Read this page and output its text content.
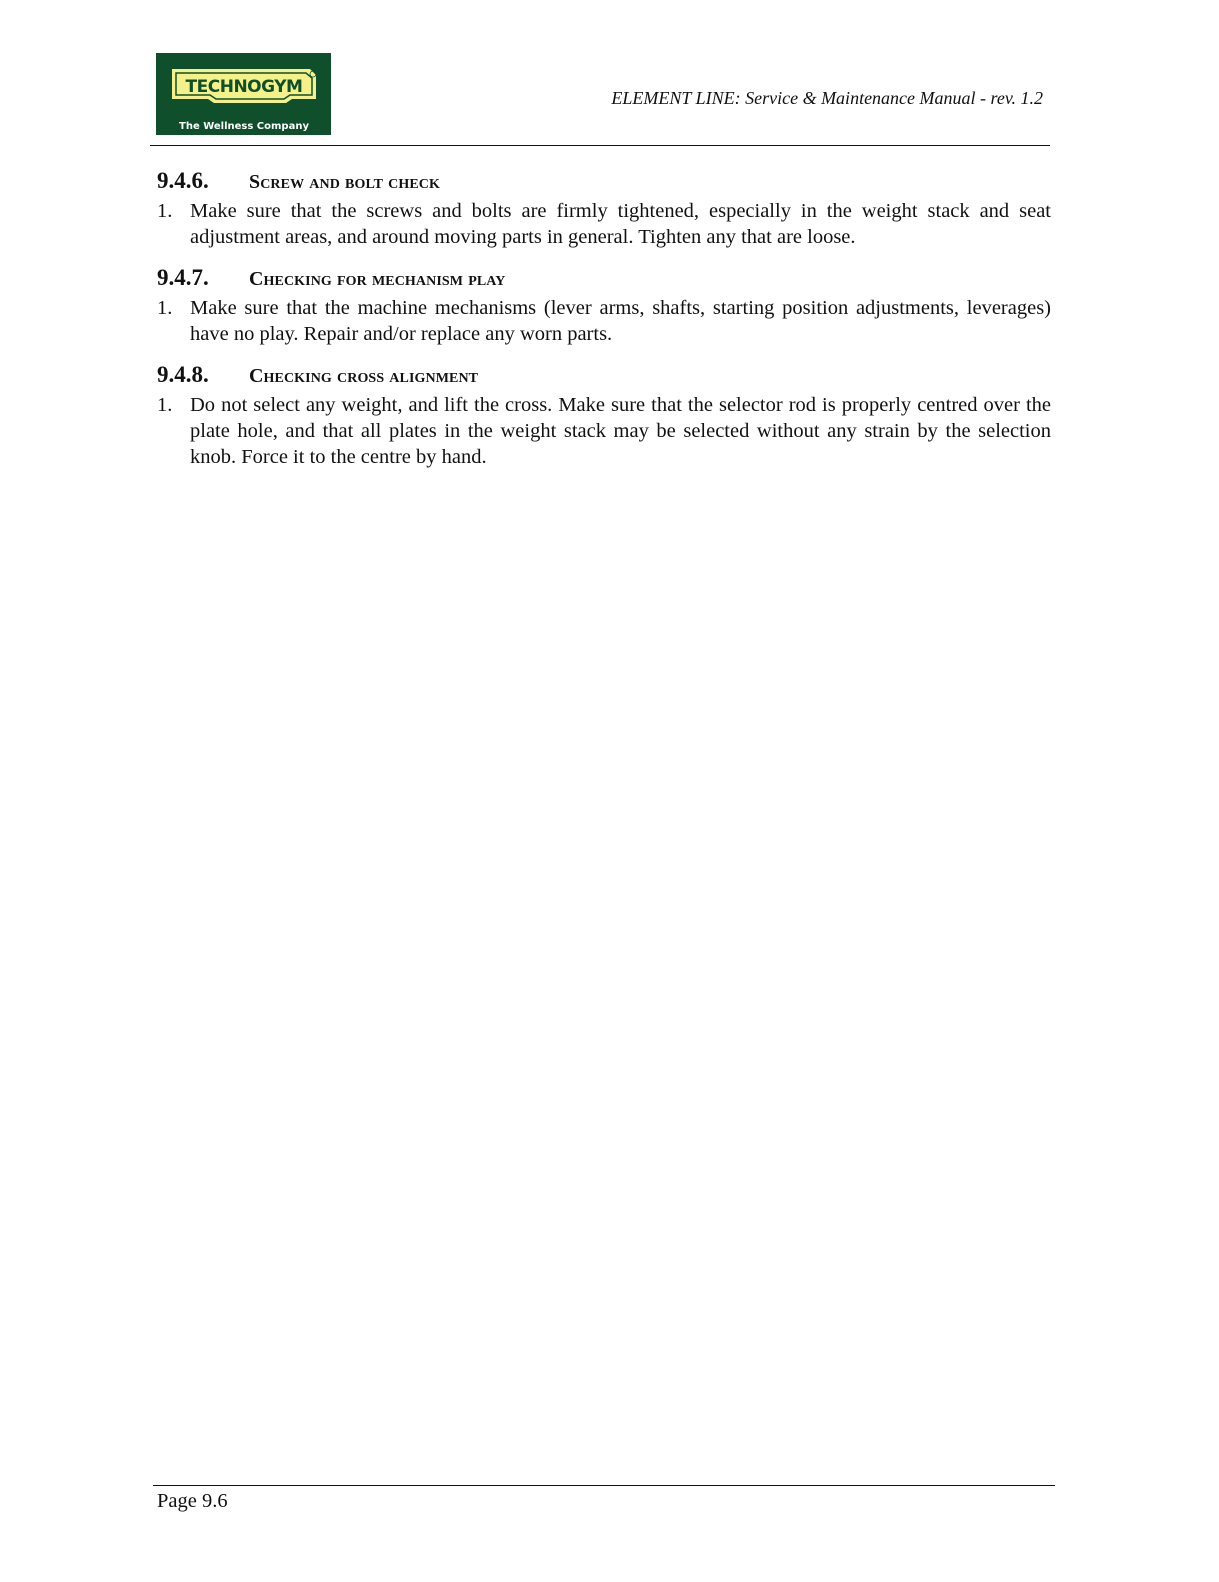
TECHNOGYM
The Wellness Company
ELEMENT LINE: Service & Maintenance Manual - rev. 1.2
9.4.6.	Screw and bolt check
1. Make sure that the screws and bolts are firmly tightened, especially in the weight stack and seat adjustment areas, and around moving parts in general. Tighten any that are loose.
9.4.7.	Checking for mechanism play
1. Make sure that the machine mechanisms (lever arms, shafts, starting position adjustments, leverages) have no play. Repair and/or replace any worn parts.
9.4.8.	Checking cross alignment
1. Do not select any weight, and lift the cross. Make sure that the selector rod is properly centred over the plate hole, and that all plates in the weight stack may be selected without any strain by the selection knob. Force it to the centre by hand.
Page 9.6
